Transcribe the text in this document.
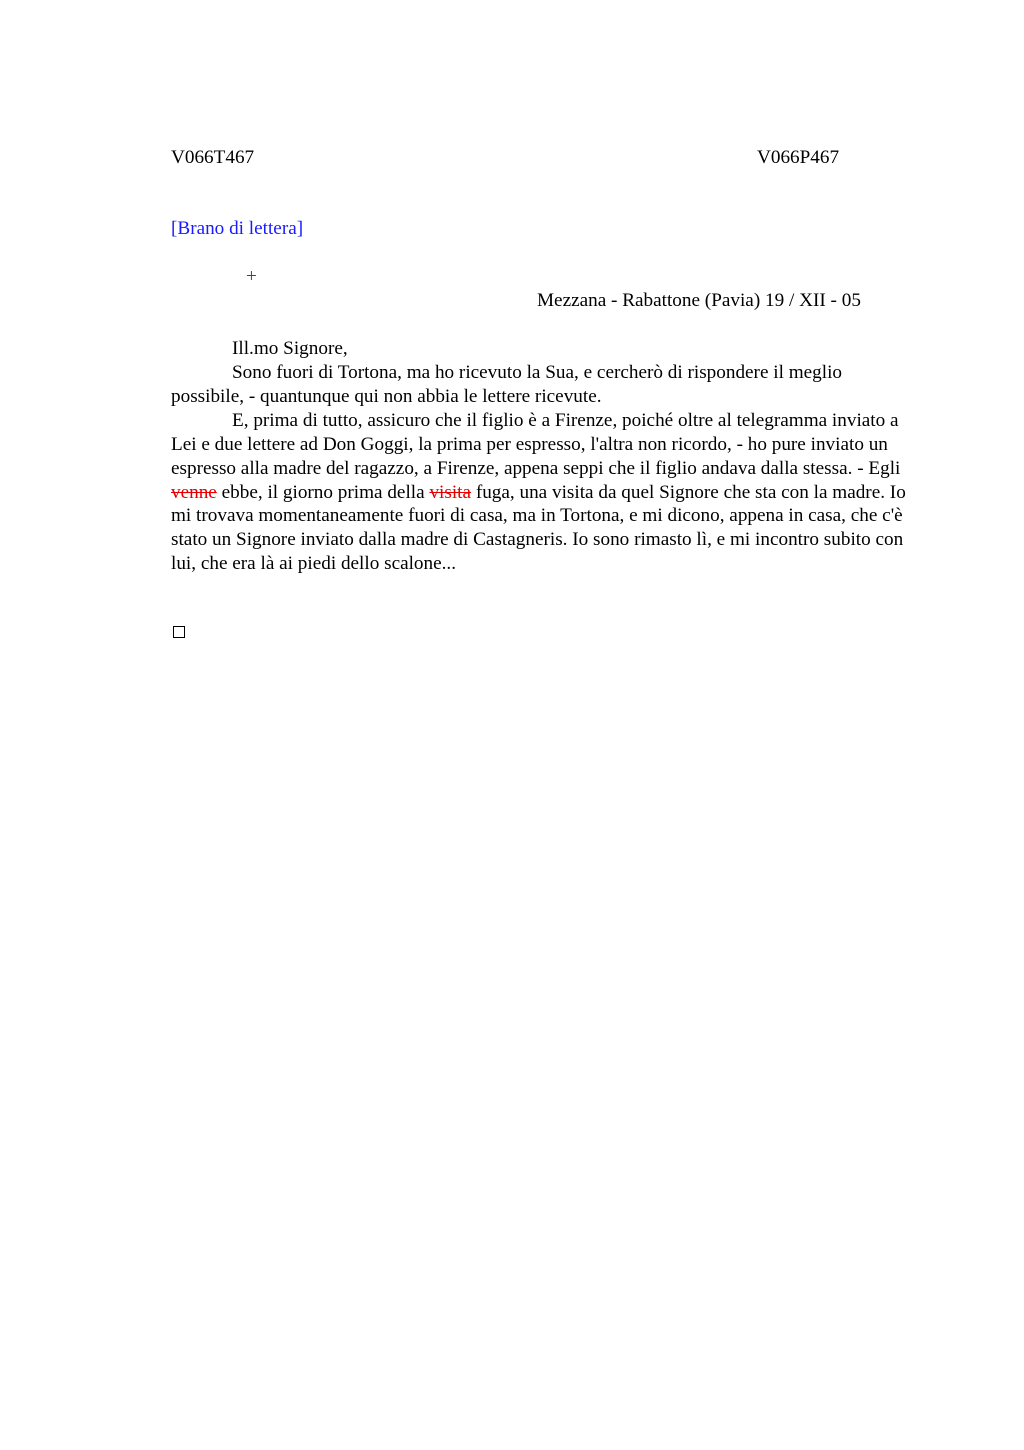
V066T467	V066P467
[Brano di lettera]
+
Mezzana - Rabattone (Pavia) 19 / XII - 05
Ill.mo Signore,

Sono fuori di Tortona, ma ho ricevuto la Sua, e cercherò di rispondere il meglio possibile, - quantunque qui non abbia le lettere ricevute.

E, prima di tutto, assicuro che il figlio è a Firenze, poiché oltre al telegramma inviato a Lei e due lettere ad Don Goggi, la prima per espresso, l'altra non ricordo, - ho pure inviato un espresso alla madre del ragazzo, a Firenze, appena seppi che il figlio andava dalla stessa. - Egli venne ebbe, il giorno prima della visita fuga, una visita da quel Signore che sta con la madre. Io mi trovava momentaneamente fuori di casa, ma in Tortona, e mi dicono, appena in casa, che c'è stato un Signore inviato dalla madre di Castagneris. Io sono rimasto lì, e mi incontro subito con lui, che era là ai piedi dello scalone...
